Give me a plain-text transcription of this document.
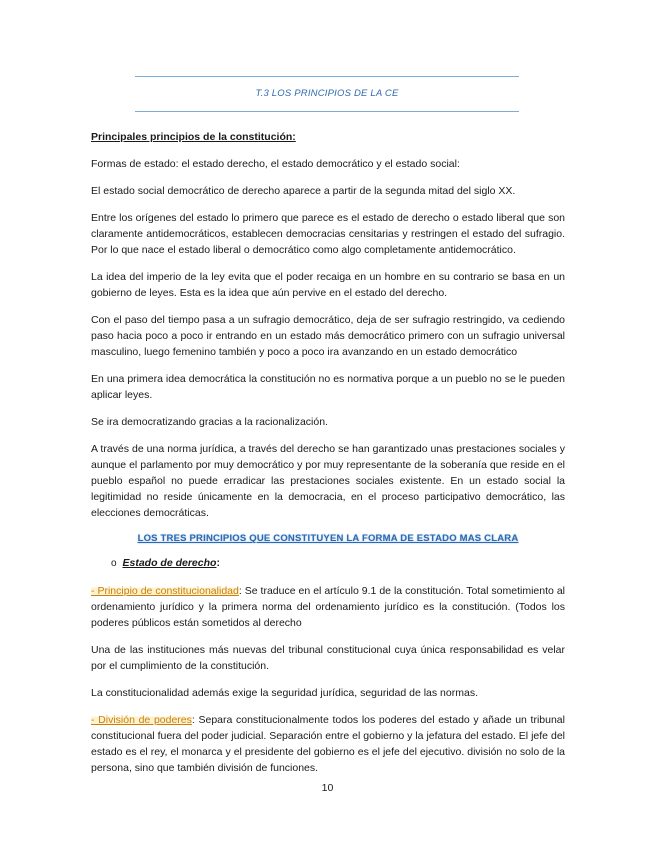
T.3 LOS PRINCIPIOS DE LA CE

Principales principios de la constitución:

Formas de estado: el estado derecho, el estado democrático y el estado social:

El estado social democrático de derecho aparece a partir de la segunda mitad del siglo XX.

Entre los orígenes del estado lo primero que parece es el estado de derecho o estado liberal que son claramente antidemocráticos, establecen democracias censitarias y restringen el estado del sufragio. Por lo que nace el estado liberal o democrático como algo completamente antidemocrático.

La idea del imperio de la ley evita que el poder recaiga en un hombre en su contrario se basa en un gobierno de leyes. Esta es la idea que aún pervive en el estado del derecho.

Con el paso del tiempo pasa a un sufragio democrático, deja de ser sufragio restringido, va cediendo paso hacia poco a poco ir entrando en un estado más democrático primero con un sufragio universal masculino, luego femenino también y poco a poco ira avanzando en un estado democrático

En una primera idea democrática la constitución no es normativa porque a un pueblo no se le pueden aplicar leyes.

Se ira democratizando gracias a la racionalización.

A través de una norma jurídica, a través del derecho se han garantizado unas prestaciones sociales y aunque el parlamento por muy democrático y por muy representante de la soberanía que reside en el pueblo español no puede erradicar las prestaciones sociales existente. En un estado social la legitimidad no reside únicamente en la democracia, en el proceso participativo democrático, las elecciones democráticas.

LOS TRES PRINCIPIOS QUE CONSTITUYEN LA FORMA DE ESTADO MAS CLARA

o Estado de derecho:

- Principio de constitucionalidad: Se traduce en el artículo 9.1 de la constitución. Total sometimiento al ordenamiento jurídico y la primera norma del ordenamiento jurídico es la constitución. (Todos los poderes públicos están sometidos al derecho

Una de las instituciones más nuevas del tribunal constitucional cuya única responsabilidad es velar por el cumplimiento de la constitución.

La constitucionalidad además exige la seguridad jurídica, seguridad de las normas.

- División de poderes: Separa constitucionalmente todos los poderes del estado y añade un tribunal constitucional fuera del poder judicial. Separación entre el gobierno y la jefatura del estado. El jefe del estado es el rey, el monarca y el presidente del gobierno es el jefe del ejecutivo. división no solo de la persona, sino que también división de funciones.

10
